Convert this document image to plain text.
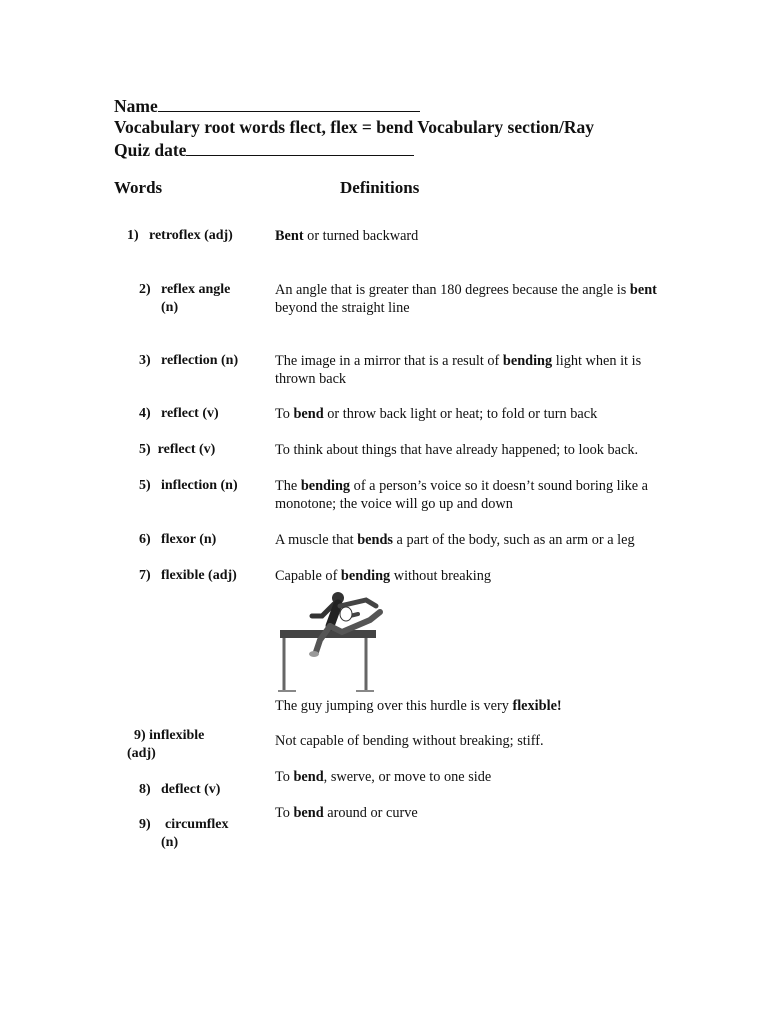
Name
Vocabulary root words flect, flex = bend Vocabulary section/Ray
Quiz date
Words	Definitions
1) retroflex (adj)
2) reflex angle
(n)
3) reflection (n)
4) reflect (v)
5) reflect (v)
5) inflection (n)
6) flexor (n)
7) flexible (adj)
9) inflexible
(adj)
8) deflect (v)
9) circumflex
(n)
Bent or turned backward
An angle that is greater than 180 degrees because the angle is bent beyond the straight line
The image in a mirror that is a result of bending light when it is thrown back
To bend or throw back light or heat; to fold or turn back
To think about things that have already happened; to look back.
The bending of a person’s voice so it doesn’t sound boring like a monotone; the voice will go up and down
A muscle that bends a part of the body, such as an arm or a leg
Capable of bending without breaking
The guy jumping over this hurdle is very flexible!
Not capable of bending without breaking; stiff.
To bend, swerve, or move to one side
To bend around or curve
